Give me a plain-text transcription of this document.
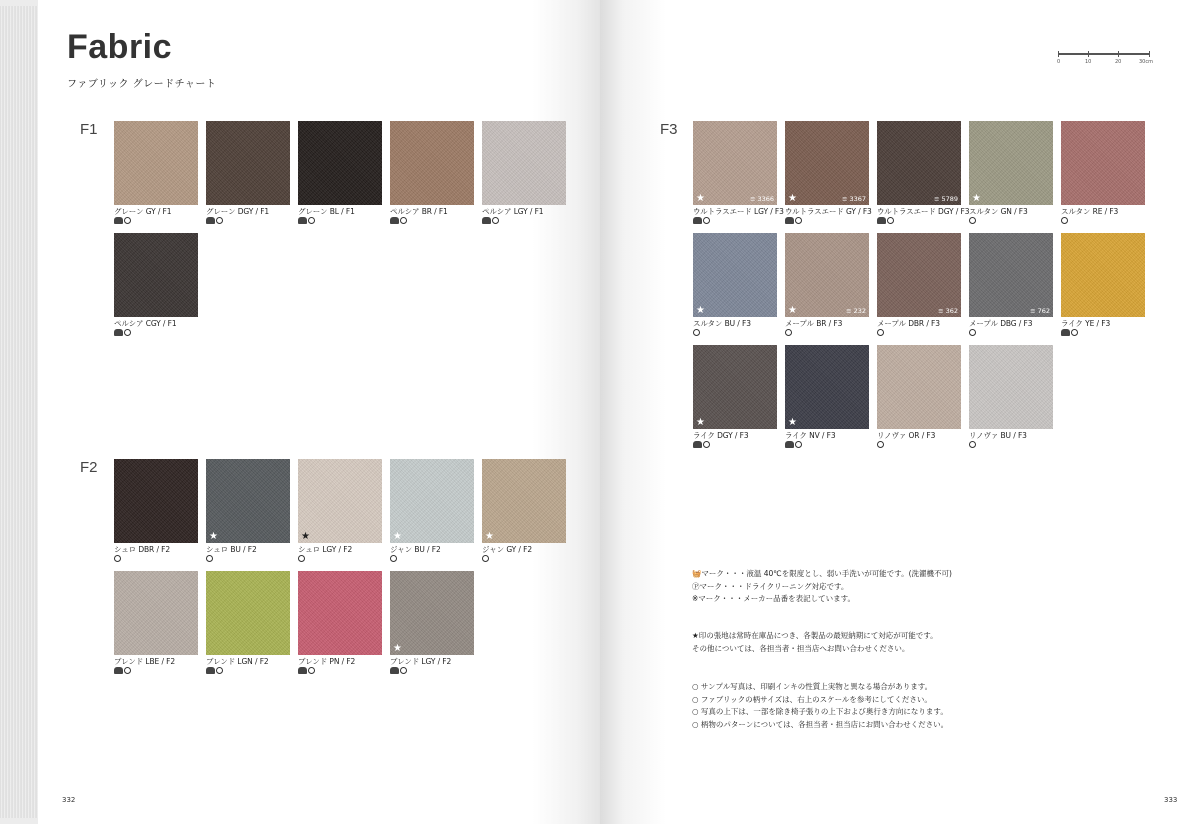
Fabric
ファブリック グレードチャート
F1
グレーン GY / F1	グレーン DGY / F1	グレーン BL / F1	ペルシア BR / F1	ペルシア LGY / F1
ペルシア CGY / F1
F2
シュロ DBR / F2
★
シュロ BU / F2
★
シュロ LGY / F2
★
ジャン BU / F2
★
ジャン GY / F2
ブレンド LBE / F2	ブレンド LGN / F2	ブレンド PN / F2
★
ブレンド LGY / F2
F3
★	≡ 3366
ウルトラスエード LGY / F3
★	≡ 3367
ウルトラスエード GY / F3
≡ 5789
ウルトラスエード DGY / F3
★
スルタン GN / F3	スルタン RE / F3
★
スルタン BU / F3
★	≡ 232
メープル BR / F3
≡ 362
メープル DBR / F3
≡ 762
メープル DBG / F3	ライク YE / F3
★
ライク DGY / F3
★
ライク NV / F3	リノヴァ OR / F3	リノヴァ BU / F3
0	10	20	30cm
🧺マーク・・・液温 40℃を限度とし、弱い手洗いが可能です。(洗濯機不可)
Ⓟマーク・・・ドライクリーニング対応です。
※マーク・・・メーカー品番を表記しています。
★印の張地は常時在庫品につき、各製品の最短納期にて対応が可能です。
その他については、各担当者・担当店へお問い合わせください。
○ サンプル写真は、印刷インキの性質上実物と異なる場合があります。
○ ファブリックの柄サイズは、右上のスケールを参考にしてください。
○ 写真の上下は、一部を除き椅子張りの上下および奥行き方向になります。
○ 柄物のパターンについては、各担当者・担当店にお問い合わせください。
332	333
